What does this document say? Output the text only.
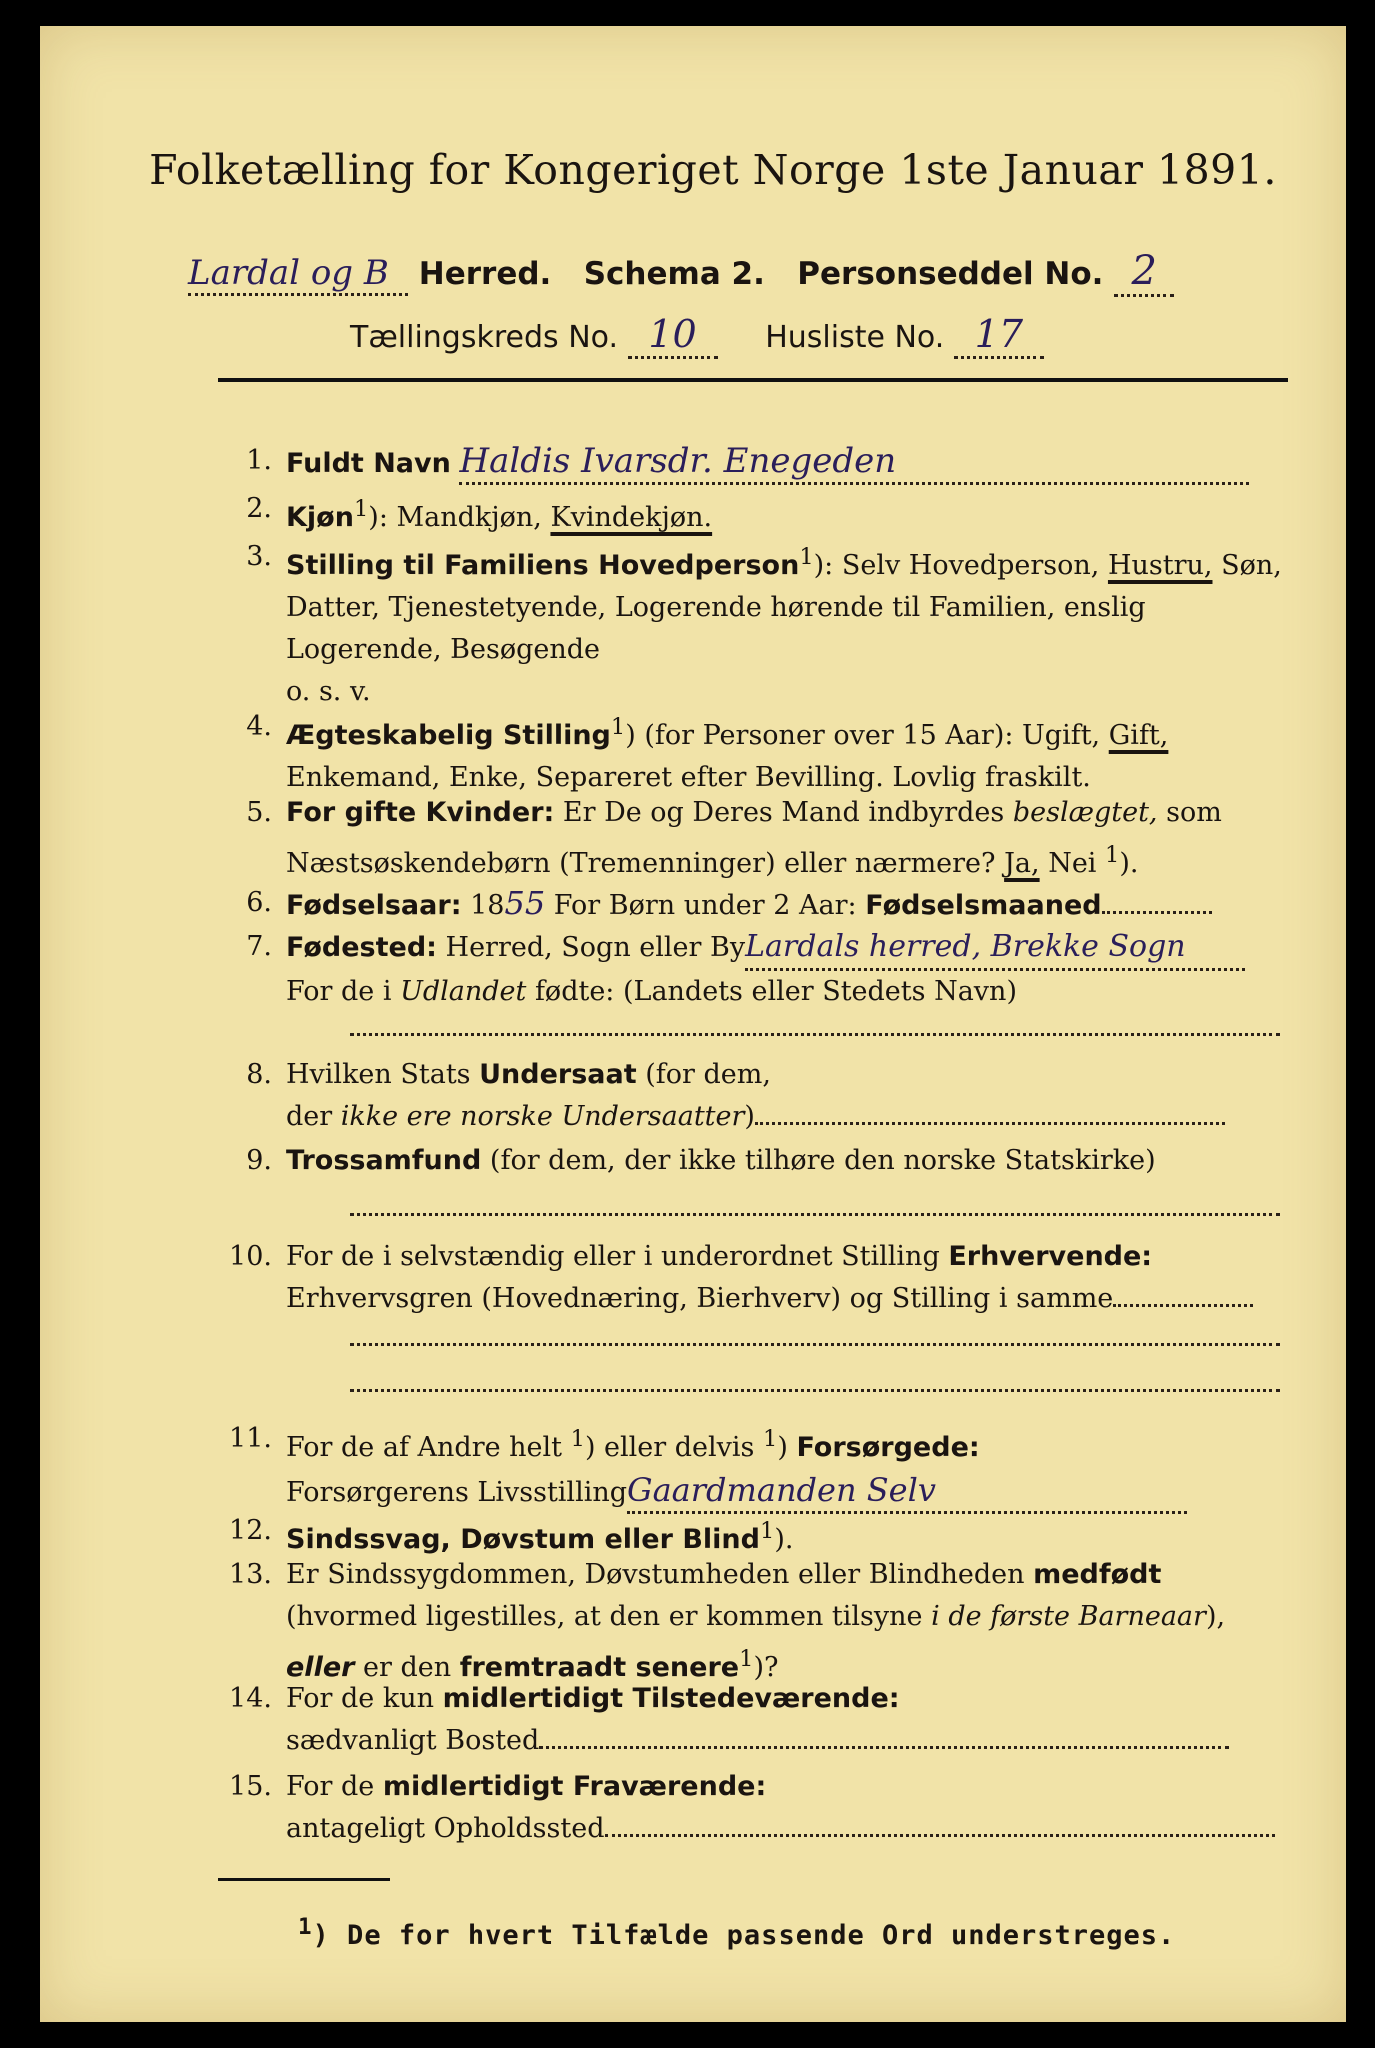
Folketælling for Kongeriget Norge 1ste Januar 1891.
Lardal og B Herred. Schema 2. Personseddel No. 2
Tællingskreds No. 10 Husliste No. 17
1. Fuldt Navn Haldis Ivarsdr. Enegeden
2. Kjøn$^1$): Mandkjøn, Kvindekjøn.
3. Stilling til Familiens Hovedperson$^1$): Selv Hovedperson, Hustru, Søn, Datter, Tjenestetyende, Logerende hørende til Familien, enslig Logerende, Besøgende
o. s. v.
4. Ægteskabelig Stilling$^1$) (for Personer over 15 Aar): Ugift, Gift, Enkemand, Enke, Separeret efter Bevilling. Lovlig fraskilt.
5. For gifte Kvinder: Er De og Deres Mand indbyrdes beslægtet, som Næstsøskendebørn (Tremenninger) eller nærmere? Ja, Nei $^1$).
6. Fødselsaar: 1855 For Børn under 2 Aar: Fødselsmaaned
7. Fødested: Herred, Sogn eller ByLardals herred, Brekke Sogn
For de i Udlandet fødte: (Landets eller Stedets Navn)
8. Hvilken Stats Undersaat (for dem,
der ikke ere norske Undersaatter)
9. Trossamfund (for dem, der ikke tilhøre den norske Statskirke)
10. For de i selvstændig eller i underordnet Stilling Erhvervende: Erhvervsgren (Hovednæring, Bierhverv) og Stilling i samme
11. For de af Andre helt $^1$) eller delvis $^1$) Forsørgede:
Forsørgerens LivsstillingGaardmanden Selv
12. Sindssvag, Døvstum eller Blind$^1$).
13. Er Sindssygdommen, Døvstumheden eller Blindheden medfødt (hvormed ligestilles, at den er kommen tilsyne i de første Barneaar),
eller er den fremtraadt senere$^1$)?
14. For de kun midlertidigt Tilstedeværende:
sædvanligt Bosted
15. For de midlertidigt Fraværende:
antageligt Opholdssted
$^1$) De for hvert Tilfælde passende Ord understreges.
